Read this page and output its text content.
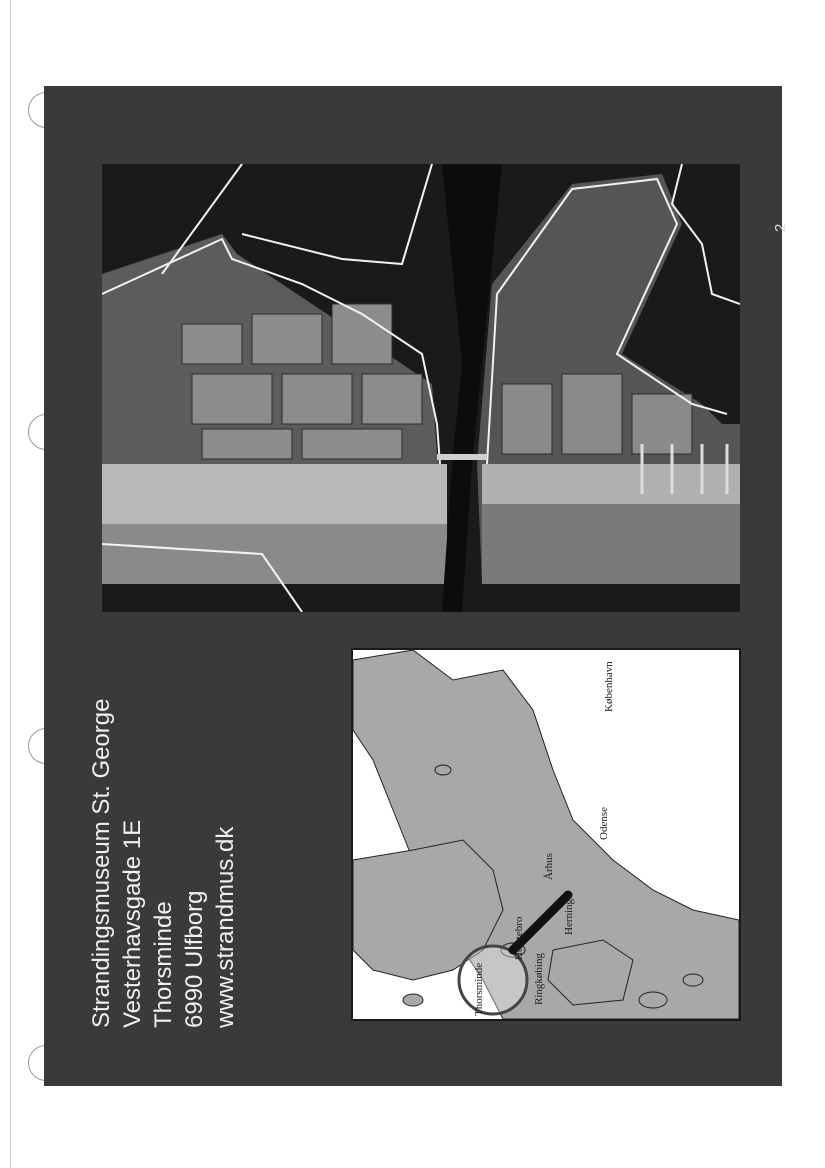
2
Thorsminde
Holstebro
Århus
Herning
Ringkøbing
Odense
København
Strandingsmuseum St. George Vesterhavsgade 1E Thorsminde 6990 Ulfborg www.strandmus.dk
